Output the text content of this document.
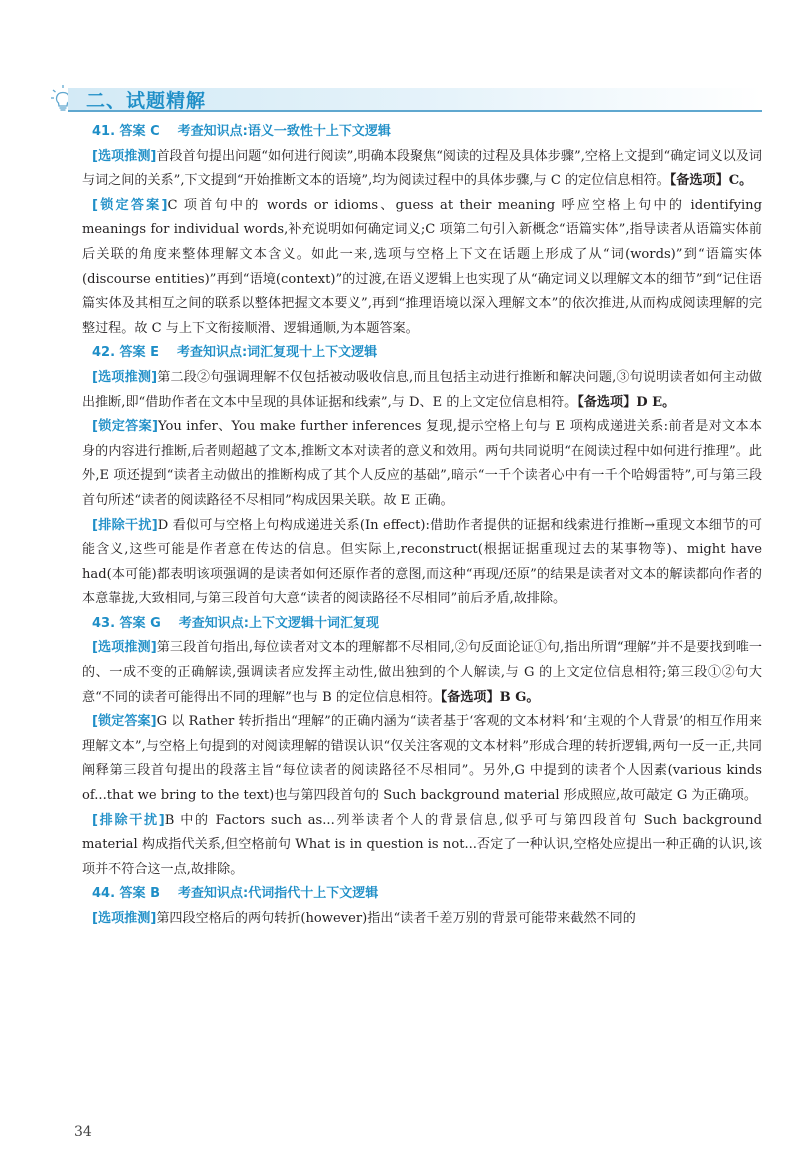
二、试题精解

41. 答案 C 考查知识点:语义一致性十上下文逻辑

[选项推测]首段首句提出问题“如何进行阅读”,明确本段聚焦“阅读的过程及具体步骤”,空格上文提到“确定词义以及词与词之间的关系”,下文提到“开始推断文本的语境”,均为阅读过程中的具体步骤,与 C 的定位信息相符。【备选项】C。

[锁定答案]C 项首句中的 words or idioms、guess at their meaning 呼应空格上句中的 identifying meanings for individual words,补充说明如何确定词义;C 项第二句引入新概念“语篇实体”,指导读者从语篇实体前后关联的角度来整体理解文本含义。如此一来,选项与空格上下文在话题上形成了从“词(words)”到“语篇实体(discourse entities)”再到“语境(context)”的过渡,在语义逻辑上也实现了从“确定词义以理解文本的细节”到“记住语篇实体及其相互之间的联系以整体把握文本要义”,再到“推理语境以深入理解文本”的依次推进,从而构成阅读理解的完整过程。故 C 与上下文衔接顺滑、逻辑通顺,为本题答案。

42. 答案 E 考查知识点:词汇复现十上下文逻辑

[选项推测]第二段②句强调理解不仅包括被动吸收信息,而且包括主动进行推断和解决问题,③句说明读者如何主动做出推断,即“借助作者在文本中呈现的具体证据和线索”,与 D、E 的上文定位信息相符。【备选项】D E。

[锁定答案]You infer、You make further inferences 复现,提示空格上句与 E 项构成递进关系:前者是对文本本身的内容进行推断,后者则超越了文本,推断文本对读者的意义和效用。两句共同说明“在阅读过程中如何进行推理”。此外,E 项还提到“读者主动做出的推断构成了其个人反应的基础”,暗示“一千个读者心中有一千个哈姆雷特”,可与第三段首句所述“读者的阅读路径不尽相同”构成因果关联。故 E 正确。

[排除干扰]D 看似可与空格上句构成递进关系(In effect):借助作者提供的证据和线索进行推断→重现文本细节的可能含义,这些可能是作者意在传达的信息。但实际上,reconstruct(根据证据重现过去的某事物等)、might have had(本可能)都表明该项强调的是读者如何还原作者的意图,而这种“再现/还原”的结果是读者对文本的解读都向作者的本意靠拢,大致相同,与第三段首句大意“读者的阅读路径不尽相同”前后矛盾,故排除。

43. 答案 G 考查知识点:上下文逻辑十词汇复现

[选项推测]第三段首句指出,每位读者对文本的理解都不尽相同,②句反面论证①句,指出所谓“理解”并不是要找到唯一的、一成不变的正确解读,强调读者应发挥主动性,做出独到的个人解读,与 G 的上文定位信息相符;第三段①②句大意“不同的读者可能得出不同的理解”也与 B 的定位信息相符。【备选项】B G。

[锁定答案]G 以 Rather 转折指出“理解”的正确内涵为“读者基于‘客观的文本材料’和‘主观的个人背景’的相互作用来理解文本”,与空格上句提到的对阅读理解的错误认识“仅关注客观的文本材料”形成合理的转折逻辑,两句一反一正,共同阐释第三段首句提出的段落主旨“每位读者的阅读路径不尽相同”。另外,G 中提到的读者个人因素(various kinds of...that we bring to the text)也与第四段首句的 Such background material 形成照应,故可敲定 G 为正确项。

[排除干扰]B 中的 Factors such as...列举读者个人的背景信息,似乎可与第四段首句 Such background material 构成指代关系,但空格前句 What is in question is not...否定了一种认识,空格处应提出一种正确的认识,该项并不符合这一点,故排除。

44. 答案 B 考查知识点:代词指代十上下文逻辑

[选项推测]第四段空格后的两句转折(however)指出“读者千差万别的背景可能带来截然不同的

34
